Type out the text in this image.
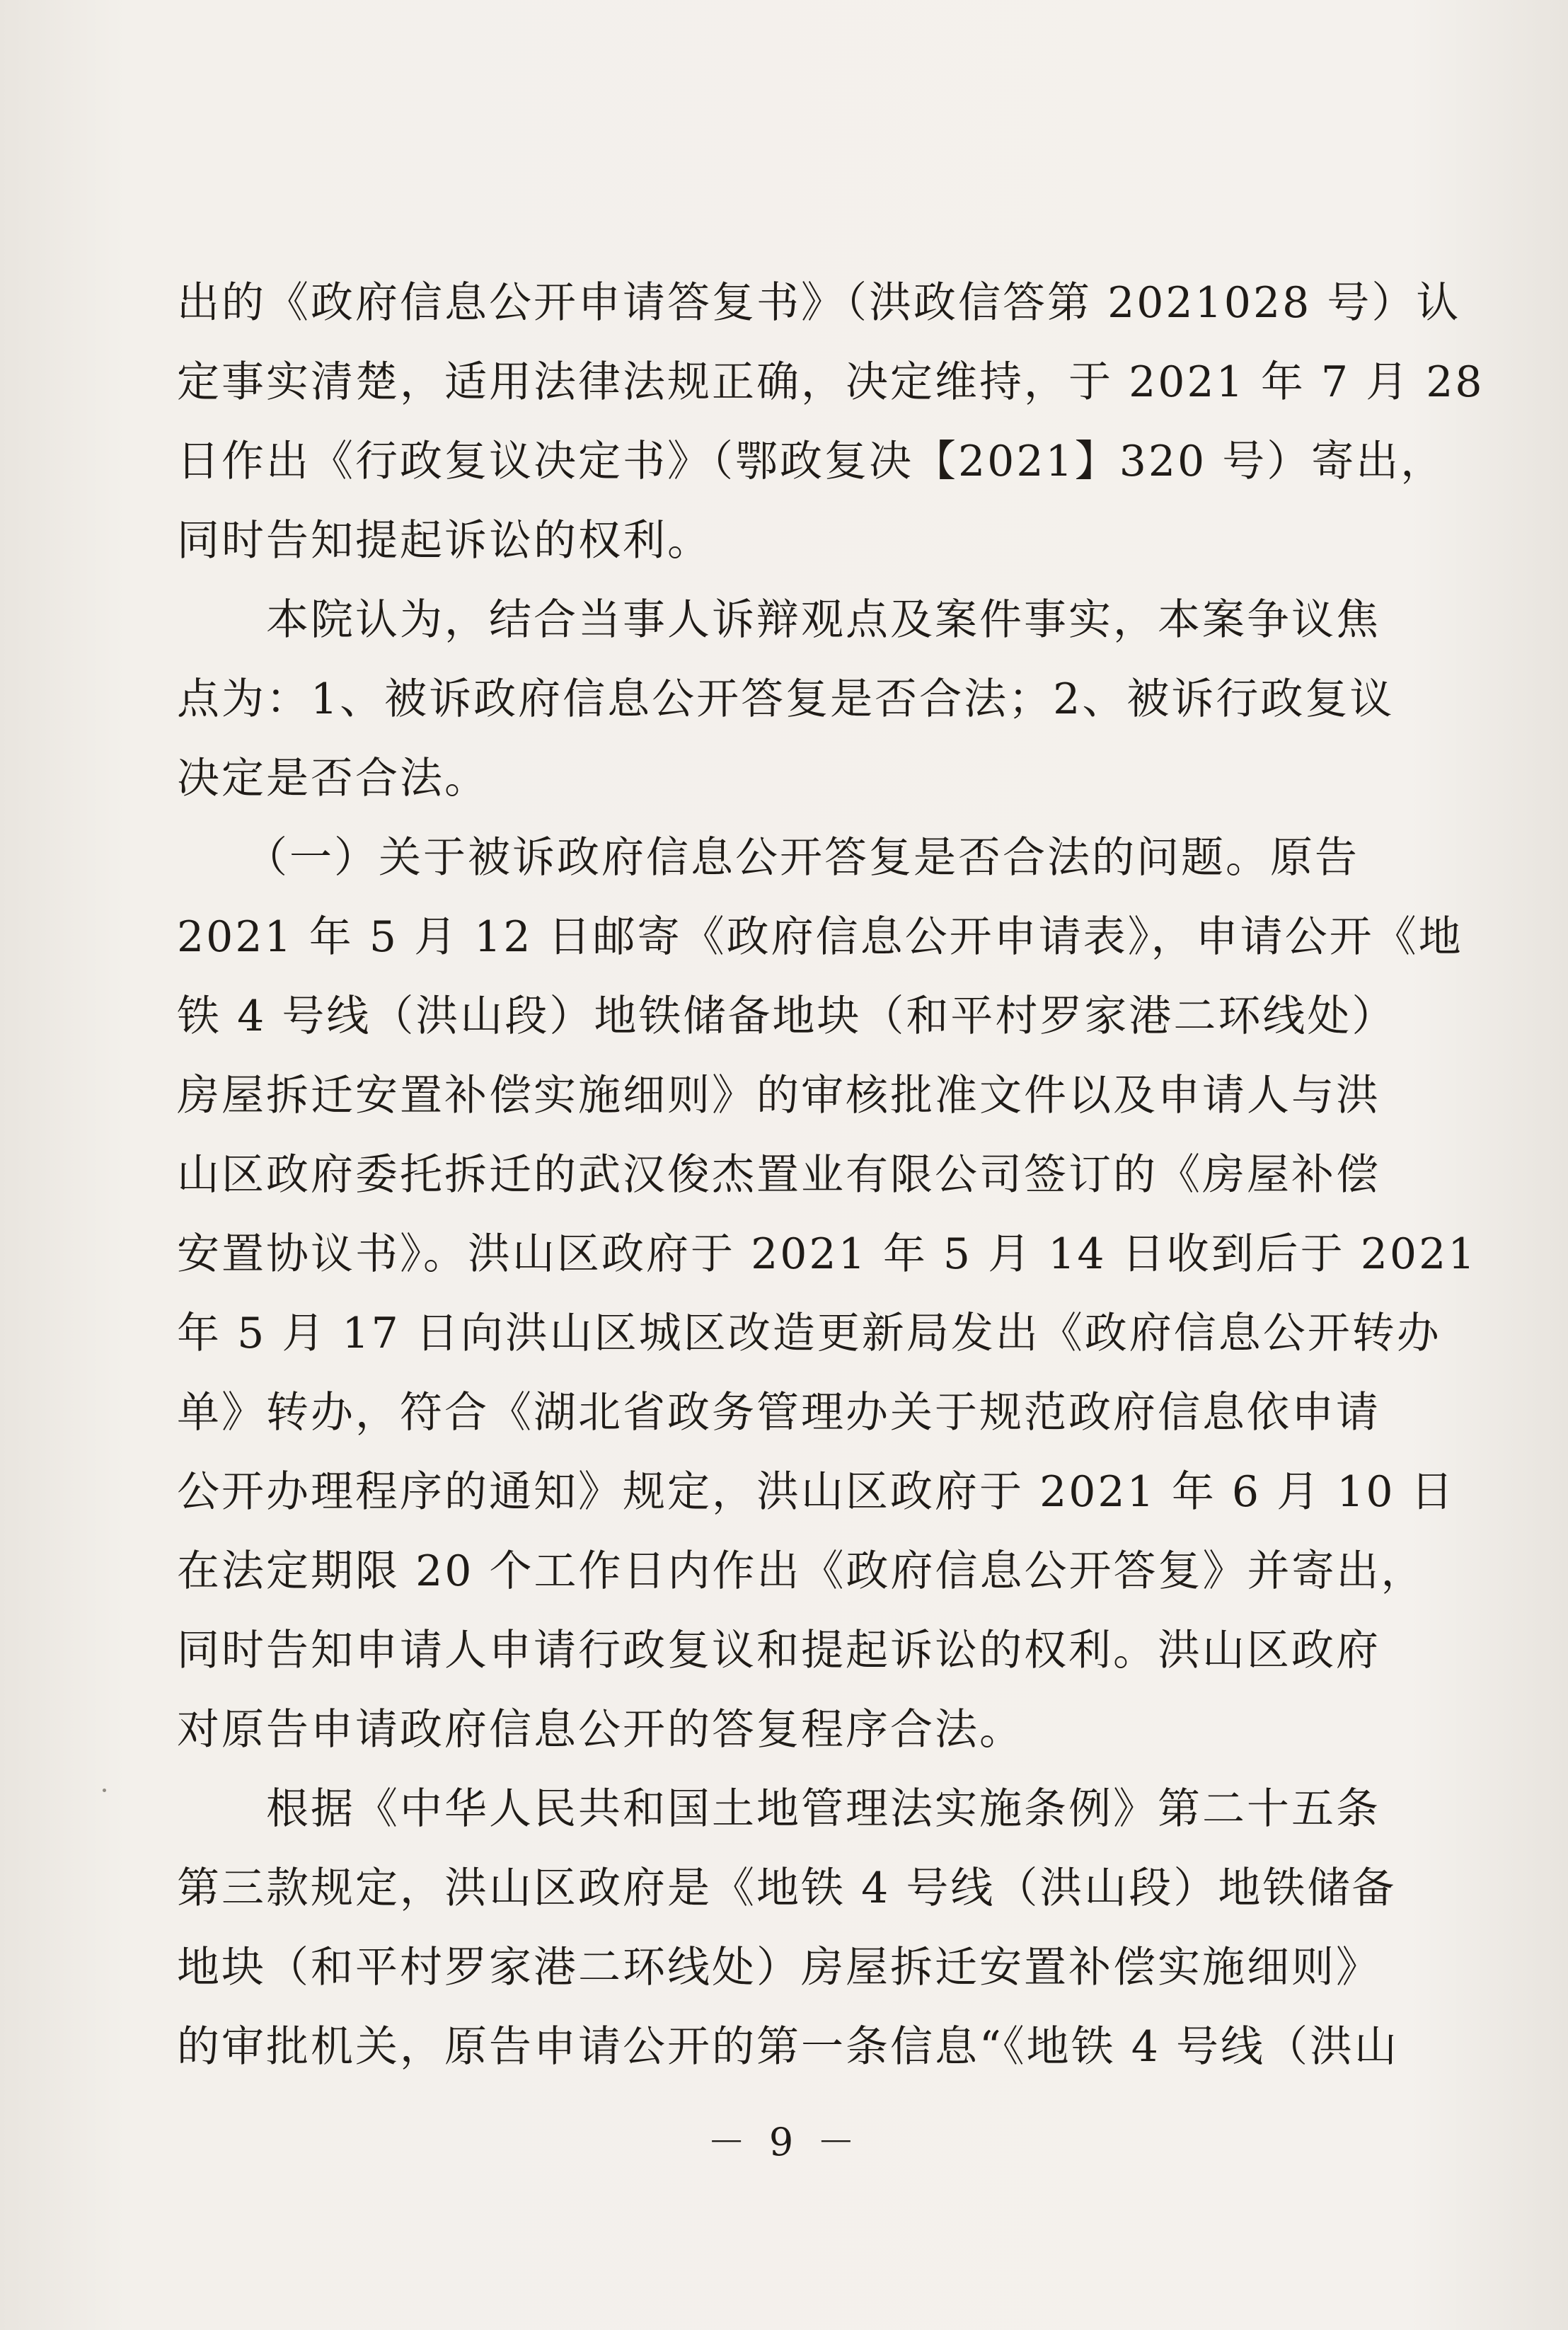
出的《政府信息公开申请答复书》（洪政信答第 2021028 号）认
定事实清楚，适用法律法规正确，决定维持，于 2021 年 7 月 28
日作出《行政复议决定书》（鄂政复决【2021】320 号）寄出，
同时告知提起诉讼的权利。
　　本院认为，结合当事人诉辩观点及案件事实，本案争议焦
点为：1、被诉政府信息公开答复是否合法；2、被诉行政复议
决定是否合法。
　　（一）关于被诉政府信息公开答复是否合法的问题。原告
2021 年 5 月 12 日邮寄《政府信息公开申请表》，申请公开《地
铁 4 号线（洪山段）地铁储备地块（和平村罗家港二环线处）
房屋拆迁安置补偿实施细则》的审核批准文件以及申请人与洪
山区政府委托拆迁的武汉俊杰置业有限公司签订的《房屋补偿
安置协议书》。洪山区政府于 2021 年 5 月 14 日收到后于 2021
年 5 月 17 日向洪山区城区改造更新局发出《政府信息公开转办
单》转办，符合《湖北省政务管理办关于规范政府信息依申请
公开办理程序的通知》规定，洪山区政府于 2021 年 6 月 10 日
在法定期限 20 个工作日内作出《政府信息公开答复》并寄出，
同时告知申请人申请行政复议和提起诉讼的权利。洪山区政府
对原告申请政府信息公开的答复程序合法。
　　根据《中华人民共和国土地管理法实施条例》第二十五条
第三款规定，洪山区政府是《地铁 4 号线（洪山段）地铁储备
地块（和平村罗家港二环线处）房屋拆迁安置补偿实施细则》
的审批机关，原告申请公开的第一条信息“《地铁 4 号线（洪山
－ 9 －
